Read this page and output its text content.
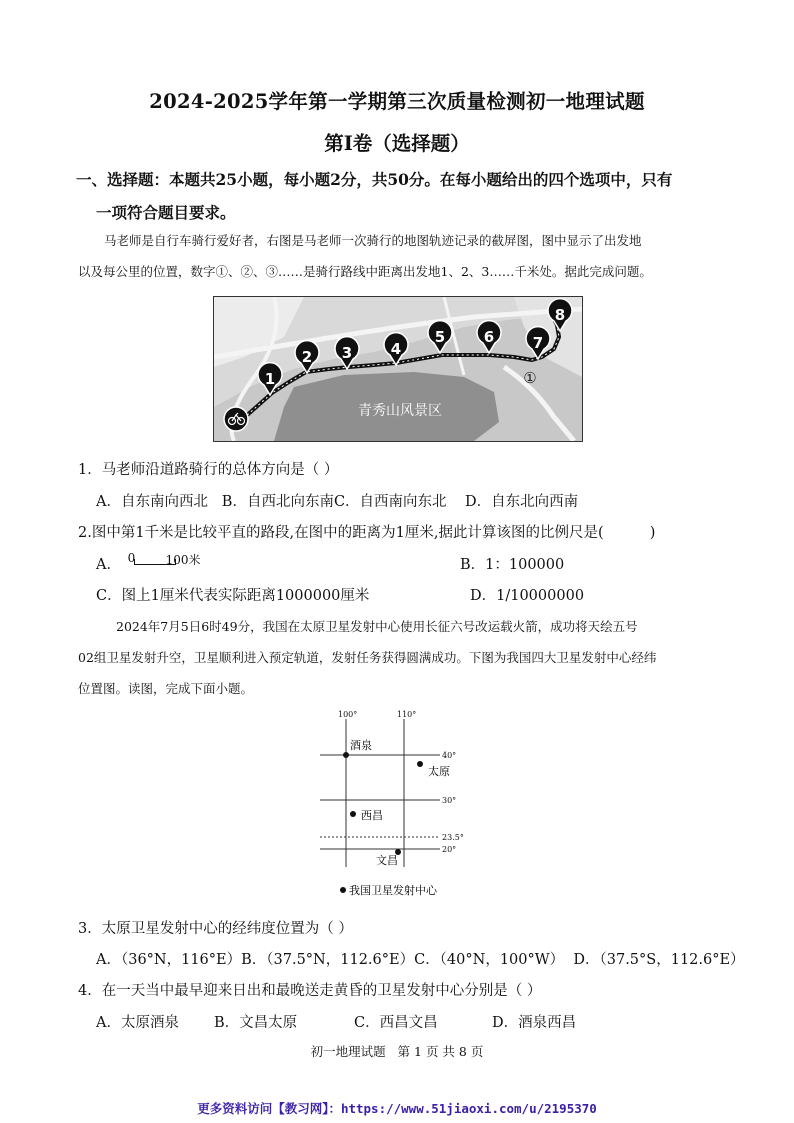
2024-2025学年第一学期第三次质量检测初一地理试题
第Ⅰ卷（选择题）
一、选择题：本题共25小题，每小题2分，共50分。在每小题给出的四个选项中，只有
一项符合题目要求。
马老师是自行车骑行爱好者，右图是马老师一次骑行的地图轨迹记录的截屏图，图中显示了出发地
以及每公里的位置，数字①、②、③……是骑行路线中距离出发地1、2、3……千米处。据此完成问题。
青秀山风景区
1
2 3	4
5	6	7
8
①
1．马老师沿道路骑行的总体方向是（ ）
A．自东南向西北   B．自西北向东南C．自西南向东北    D．自东北向西南
2.图中第1千米是比较平直的路段,在图中的距离为1厘米,据此计算该图的比例尺是(          )
A． 0	100米	B．1：100000
C．图上1厘米代表实际距离1000000厘米	D．1/10000000
2024年7月5日6时49分，我国在太原卫星发射中心使用长征六号改运载火箭，成功将天绘五号
02组卫星发射升空，卫星顺利进入预定轨道，发射任务获得圆满成功。下图为我国四大卫星发射中心经纬
位置图。读图，完成下面小题。
100°	110°
40°
30°
23.5°
20°
酒泉
太原
西昌
文昌
我国卫星发射中心
3．太原卫星发射中心的经纬度位置为（ ）
A．（36°N，116°E）B．（37.5°N，112.6°E）C．（40°N，100°W）  D．（37.5°S，112.6°E）
4．在一天当中最早迎来日出和最晚送走黄昏的卫星发射中心分别是（ ）
A．太原酒泉 B．文昌太原	C．西昌文昌	D．酒泉西昌
初一地理试题   第 1 页 共 8 页
更多资料访问【教习网】：https://www.51jiaoxi.com/u/2195370
